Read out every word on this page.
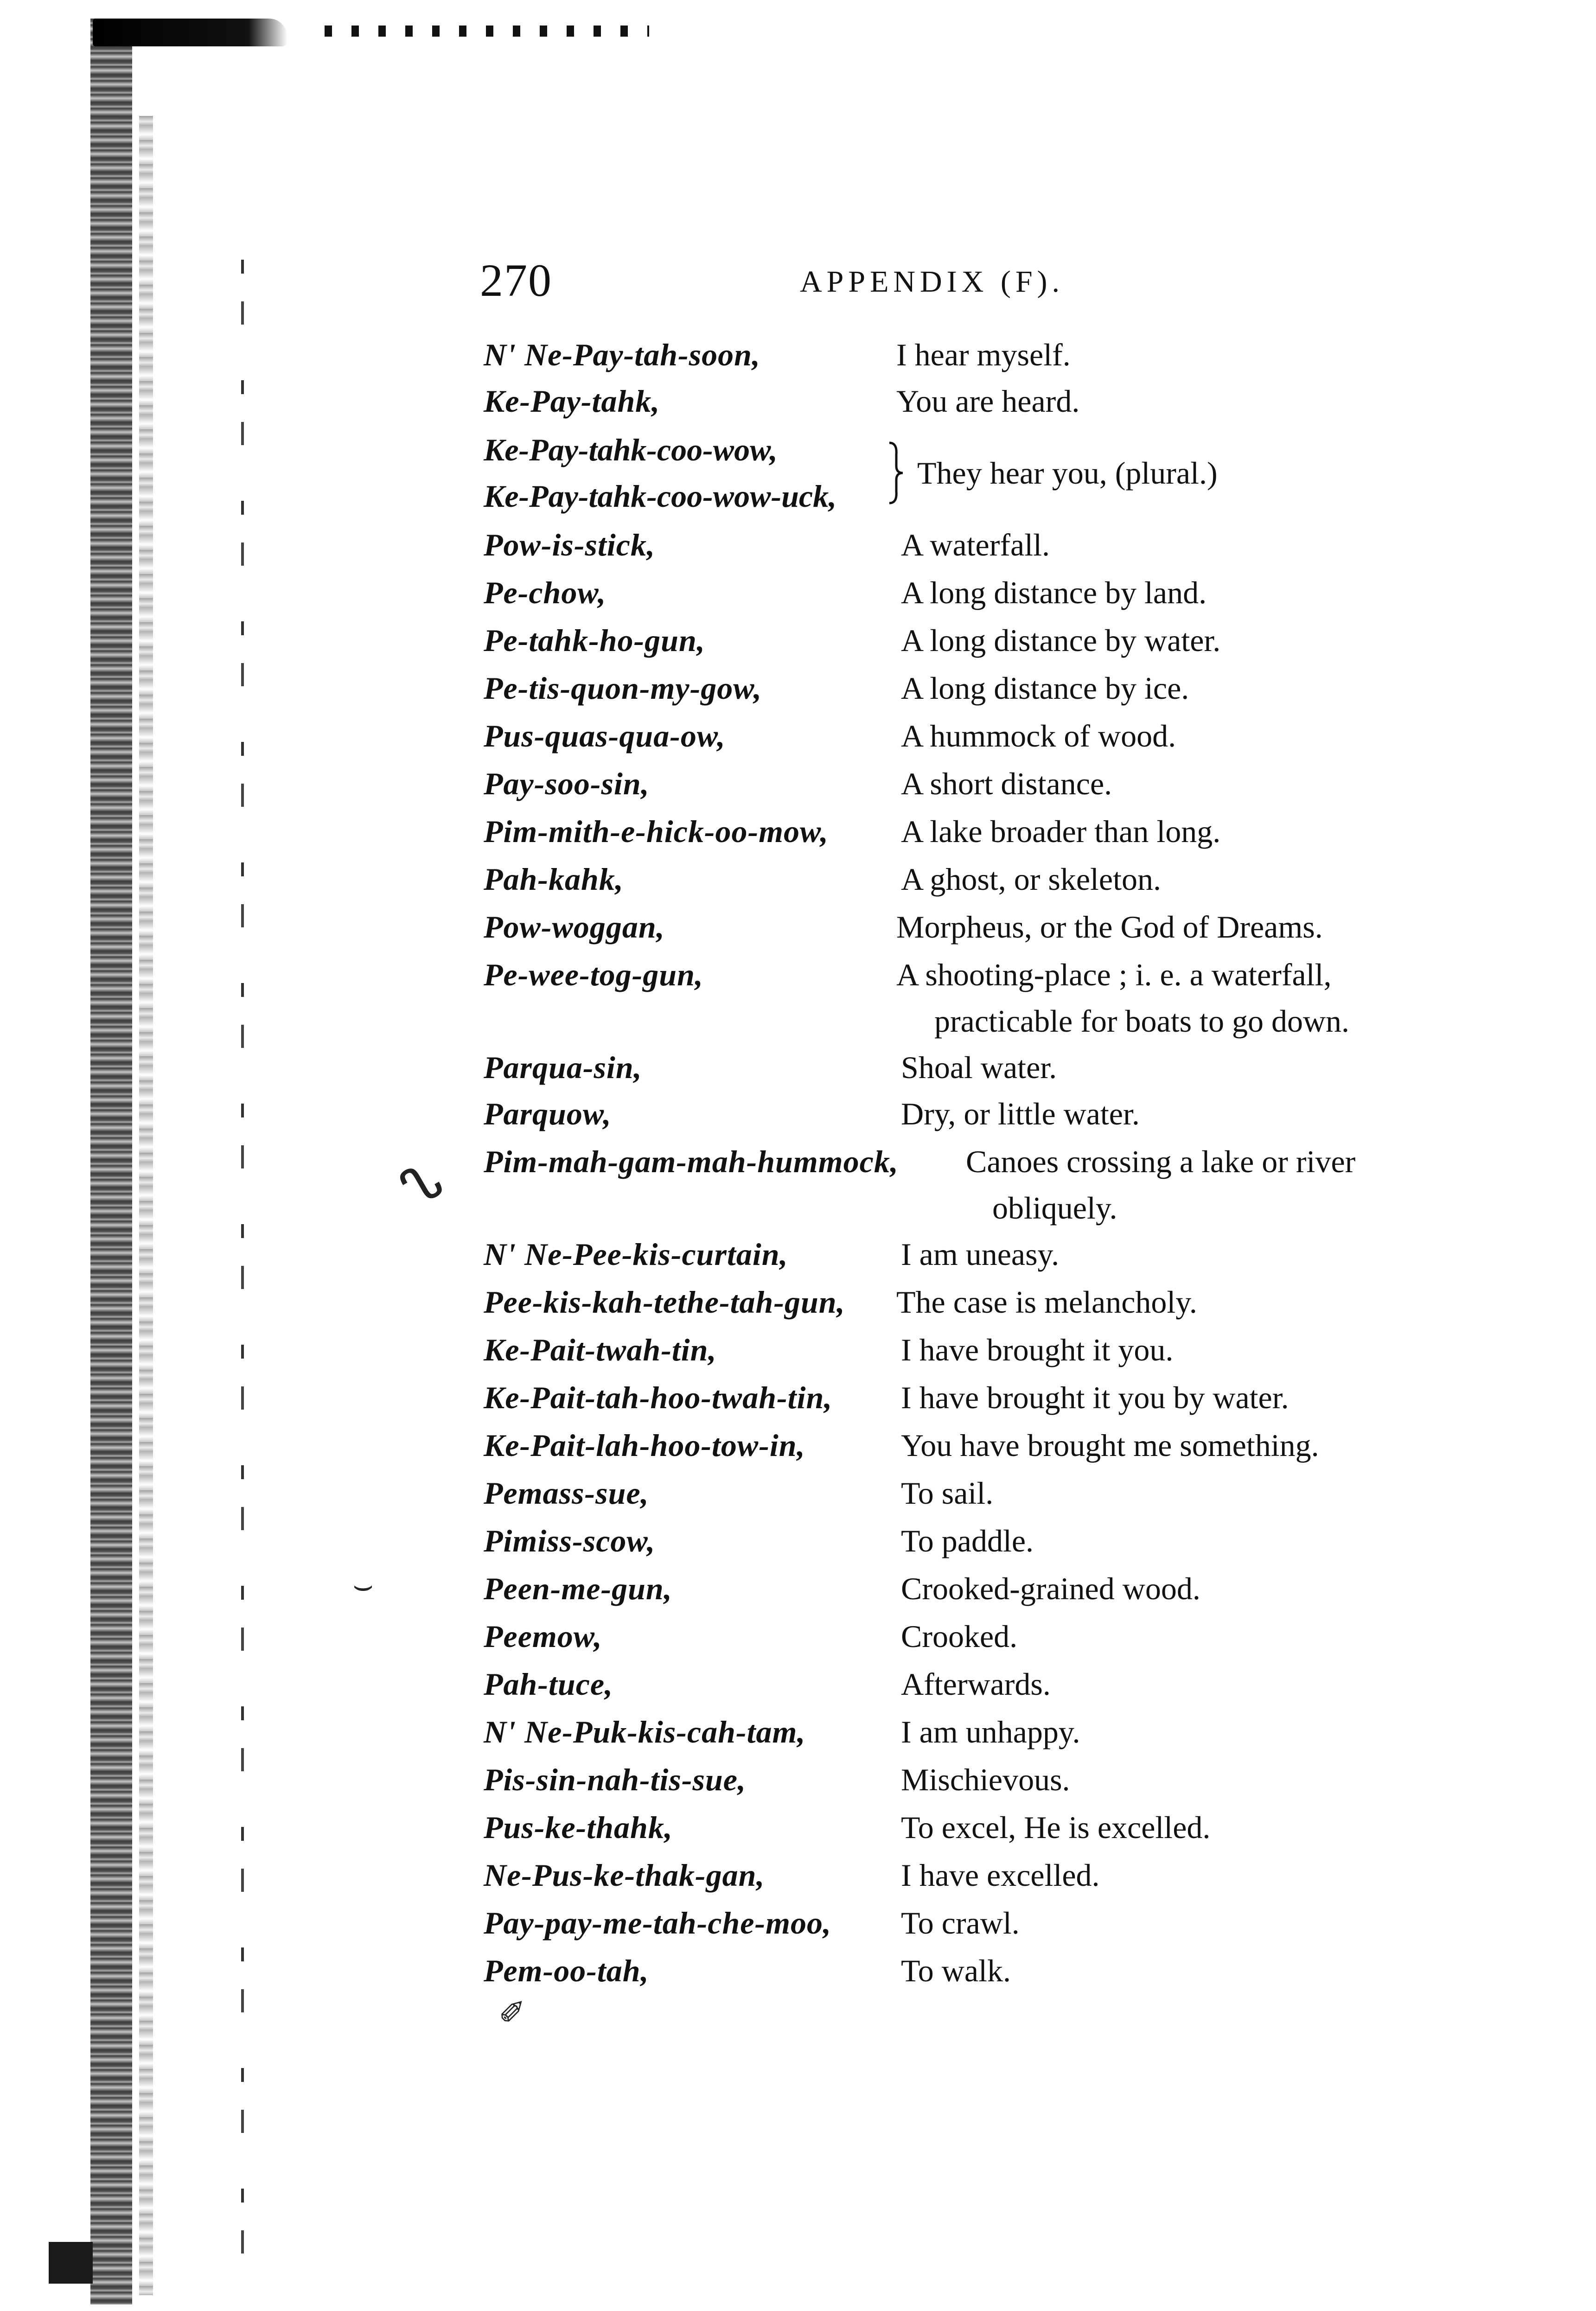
ᔐ
⌣
✐
270	APPENDIX (F).
N' Ne-Pay-tah-soon,	I hear myself.
Ke-Pay-tahk,	You are heard.
Ke-Pay-tahk-coo-wow,
Ke-Pay-tahk-coo-wow-uck,
They hear you, (plural.)
Pow-is-stick,	A waterfall.
Pe-chow,	A long distance by land.
Pe-tahk-ho-gun,	A long distance by water.
Pe-tis-quon-my-gow,	A long distance by ice.
Pus-quas-qua-ow,	A hummock of wood.
Pay-soo-sin,	A short distance.
Pim-mith-e-hick-oo-mow, A lake broader than long.
Pah-kahk,	A ghost, or skeleton.
Pow-woggan,	Morpheus, or the God of Dreams.
Pe-wee-tog-gun,	A shooting-place ; i. e. a waterfall,
practicable for boats to go down.
Parqua-sin,	Shoal water.
Parquow,	Dry, or little water.
Pim-mah-gam-mah-hummock, Canoes crossing a lake or river
obliquely.
N' Ne-Pee-kis-curtain,	I am uneasy.
Pee-kis-kah-tethe-tah-gun, The case is melancholy.
Ke-Pait-twah-tin,	I have brought it you.
Ke-Pait-tah-hoo-twah-tin, I have brought it you by water.
Ke-Pait-lah-hoo-tow-in,	You have brought me something.
Pemass-sue,	To sail.
Pimiss-scow,	To paddle.
Peen-me-gun,	Crooked-grained wood.
Peemow,	Crooked.
Pah-tuce,	Afterwards.
N' Ne-Puk-kis-cah-tam,	I am unhappy.
Pis-sin-nah-tis-sue,	Mischievous.
Pus-ke-thahk,	To excel, He is excelled.
Ne-Pus-ke-thak-gan,	I have excelled.
Pay-pay-me-tah-che-moo, To crawl.
Pem-oo-tah,	To walk.
